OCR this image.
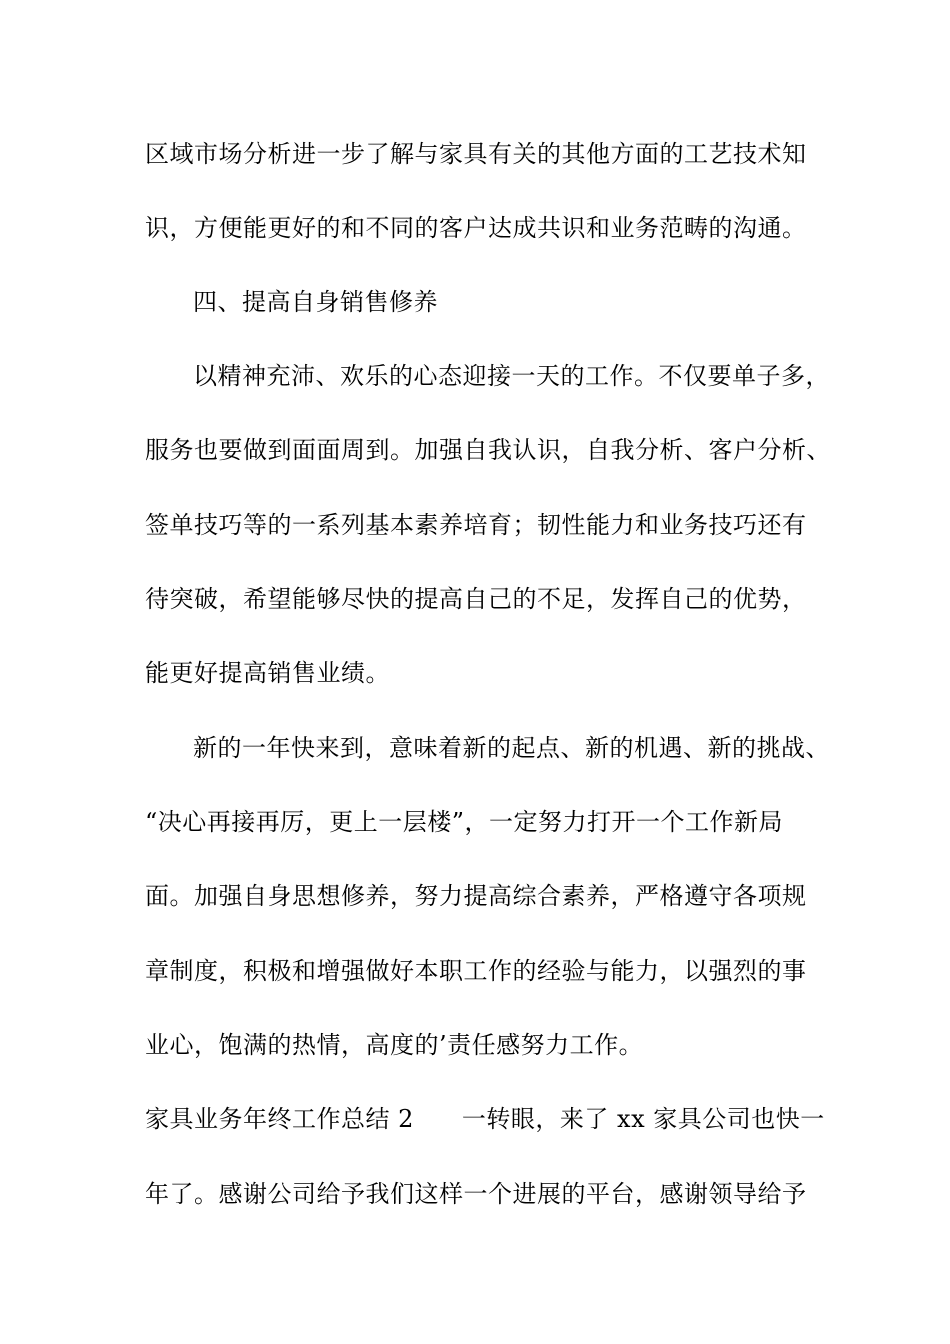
区域市场分析进一步了解与家具有关的其他方面的工艺技术知
识，方便能更好的和不同的客户达成共识和业务范畴的沟通。
四、提高自身销售修养
以精神充沛、欢乐的心态迎接一天的工作。不仅要单子多，
服务也要做到面面周到。加强自我认识，自我分析、客户分析、
签单技巧等的一系列基本素养培育；韧性能力和业务技巧还有
待突破，希望能够尽快的提高自己的不足，发挥自己的优势，
能更好提高销售业绩。
新的一年快来到，意味着新的起点、新的机遇、新的挑战、
“决心再接再厉，更上一层楼”，一定努力打开一个工作新局
面。加强自身思想修养，努力提高综合素养，严格遵守各项规
章制度，积极和增强做好本职工作的经验与能力，以强烈的事
业心，饱满的热情，高度的’责任感努力工作。
家具业务年终工作总结 2 一转眼，来了 xx 家具公司也快一
年了。感谢公司给予我们这样一个进展的平台，感谢领导给予
